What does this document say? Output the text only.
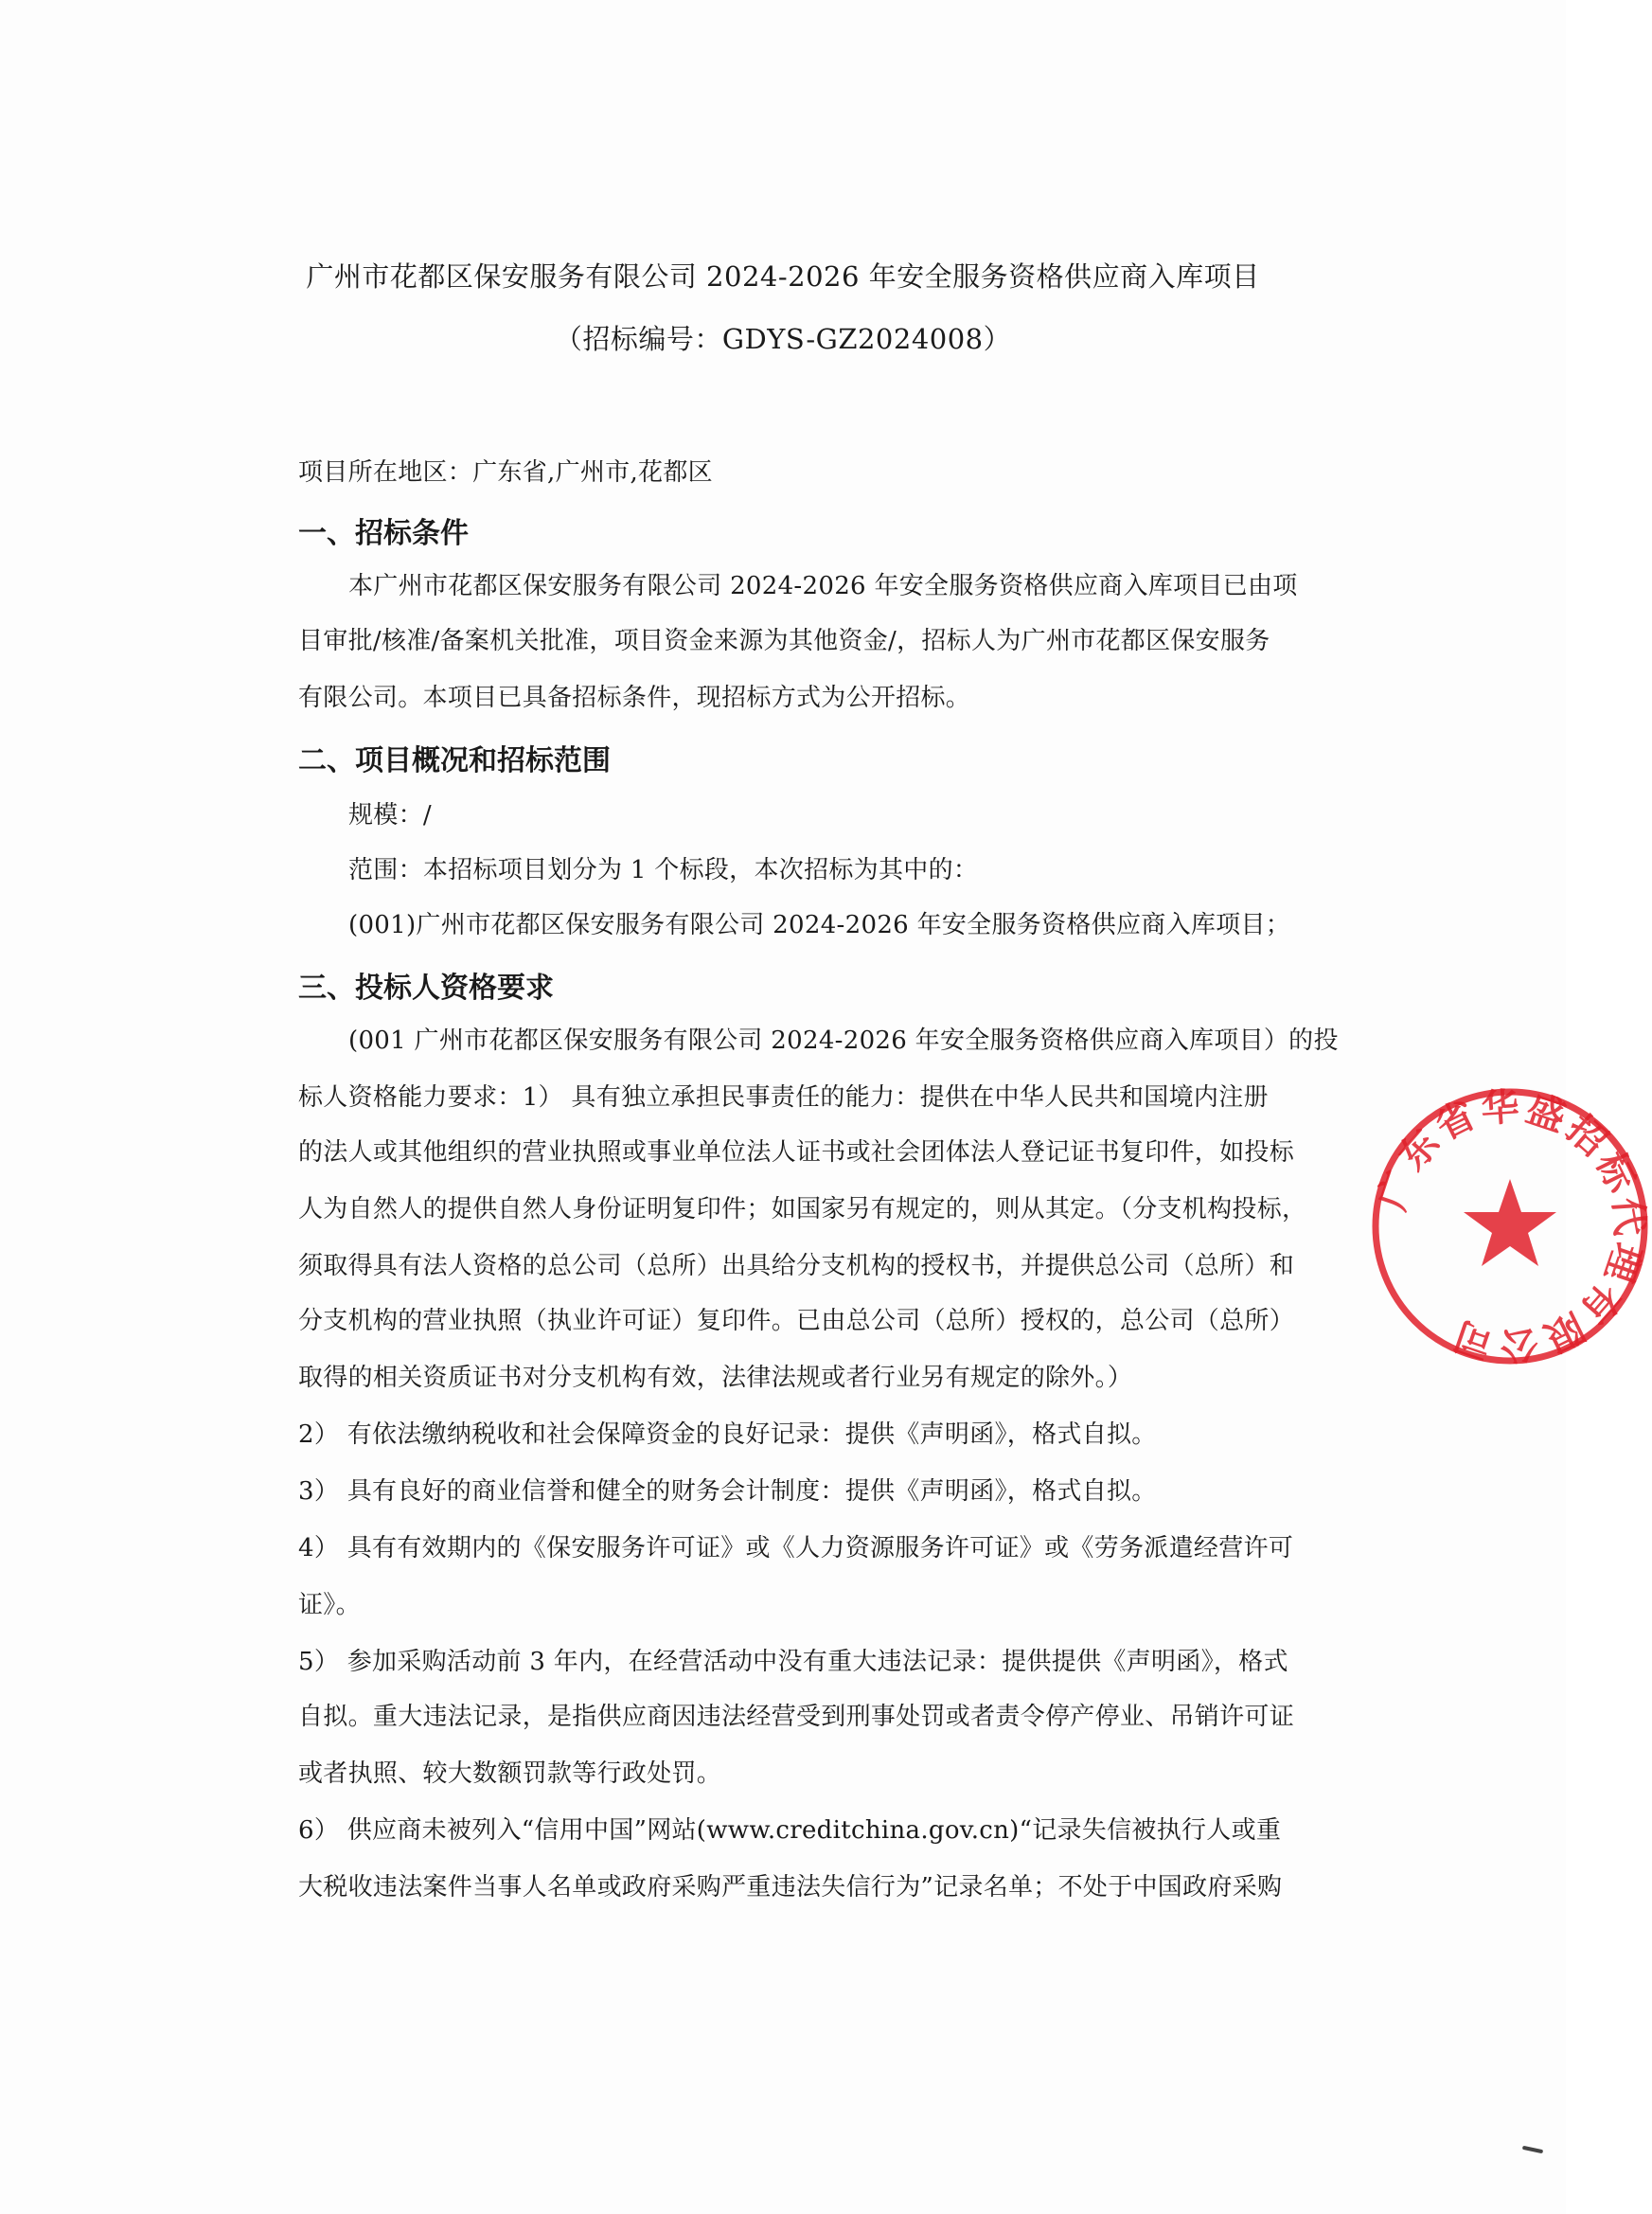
广州市花都区保安服务有限公司 2024-2026 年安全服务资格供应商入库项目
（招标编号：GDYS-GZ2024008）
项目所在地区：广东省,广州市,花都区
一、招标条件
本广州市花都区保安服务有限公司 2024-2026 年安全服务资格供应商入库项目已由项
目审批/核准/备案机关批准，项目资金来源为其他资金/，招标人为广州市花都区保安服务
有限公司。本项目已具备招标条件，现招标方式为公开招标。
二、项目概况和招标范围
规模：/
范围：本招标项目划分为 1 个标段，本次招标为其中的：
(001)广州市花都区保安服务有限公司 2024-2026 年安全服务资格供应商入库项目；
三、投标人资格要求
(001 广州市花都区保安服务有限公司 2024-2026 年安全服务资格供应商入库项目）的投
标人资格能力要求：1） 具有独立承担民事责任的能力：提供在中华人民共和国境内注册
的法人或其他组织的营业执照或事业单位法人证书或社会团体法人登记证书复印件，如投标
人为自然人的提供自然人身份证明复印件；如国家另有规定的，则从其定。（分支机构投标，
须取得具有法人资格的总公司（总所）出具给分支机构的授权书，并提供总公司（总所）和
分支机构的营业执照（执业许可证）复印件。已由总公司（总所）授权的，总公司（总所）
取得的相关资质证书对分支机构有效，法律法规或者行业另有规定的除外。）
2） 有依法缴纳税收和社会保障资金的良好记录：提供《声明函》，格式自拟。
3） 具有良好的商业信誉和健全的财务会计制度：提供《声明函》，格式自拟。
4） 具有有效期内的《保安服务许可证》或《人力资源服务许可证》或《劳务派遣经营许可
证》。
5） 参加采购活动前 3 年内，在经营活动中没有重大违法记录：提供提供《声明函》，格式
自拟。重大违法记录，是指供应商因违法经营受到刑事处罚或者责令停产停业、吊销许可证
或者执照、较大数额罚款等行政处罚。
6） 供应商未被列入“信用中国”网站(www.creditchina.gov.cn)“记录失信被执行人或重
大税收违法案件当事人名单或政府采购严重违法失信行为”记录名单；不处于中国政府采购
广东省华盛招标代理有限公司
